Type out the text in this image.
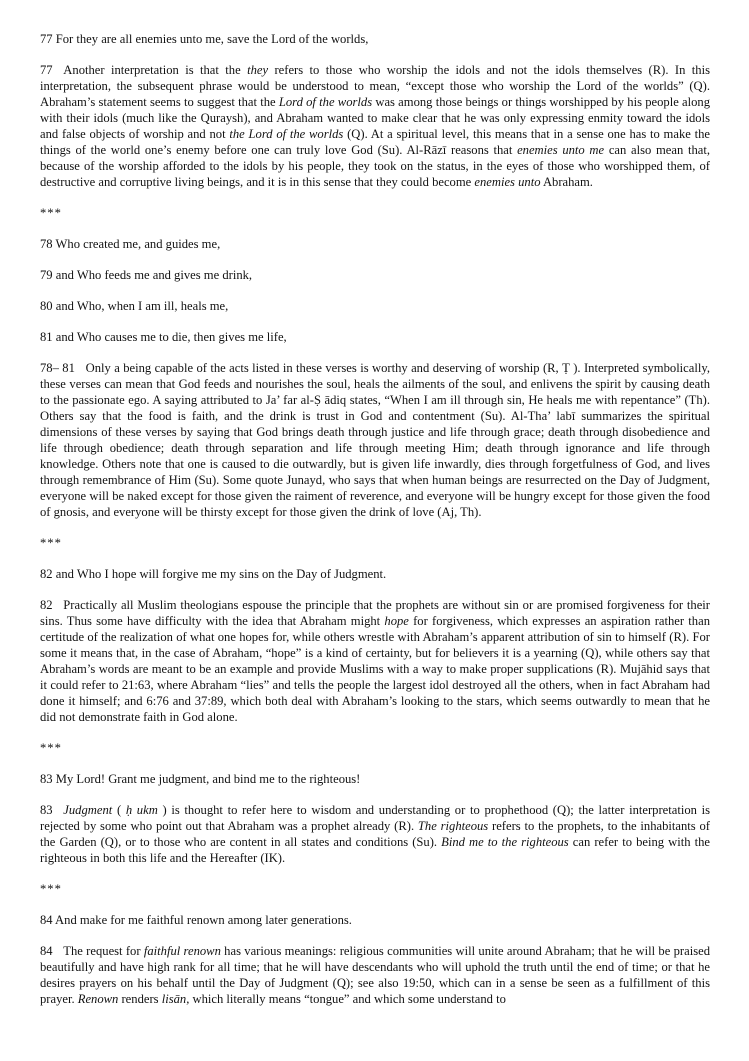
77 For they are all enemies unto me, save the Lord of the worlds,

77 Another interpretation is that the they refers to those who worship the idols and not the idols themselves (R). In this interpretation, the subsequent phrase would be understood to mean, “except those who worship the Lord of the worlds” (Q). Abraham’s statement seems to suggest that the Lord of the worlds was among those beings or things worshipped by his people along with their idols (much like the Quraysh), and Abraham wanted to make clear that he was only expressing enmity toward the idols and false objects of worship and not the Lord of the worlds (Q). At a spiritual level, this means that in a sense one has to make the things of the world one’s enemy before one can truly love God (Su). Al-Rāzī reasons that enemies unto me can also mean that, because of the worship afforded to the idols by his people, they took on the status, in the eyes of those who worshipped them, of destructive and corruptive living beings, and it is in this sense that they could become enemies unto Abraham.

***

78 Who created me, and guides me,

79 and Who feeds me and gives me drink,

80 and Who, when I am ill, heals me,

81 and Who causes me to die, then gives me life,

78– 81 Only a being capable of the acts listed in these verses is worthy and deserving of worship (R, Ṭ ). Interpreted symbolically, these verses can mean that God feeds and nourishes the soul, heals the ailments of the soul, and enlivens the spirit by causing death to the passionate ego. A saying attributed to Ja’ far al-Ṣ ādiq states, “When I am ill through sin, He heals me with repentance” (Th). Others say that the food is faith, and the drink is trust in God and contentment (Su). Al-Tha’ labī summarizes the spiritual dimensions of these verses by saying that God brings death through justice and life through grace; death through disobedience and life through obedience; death through separation and life through meeting Him; death through ignorance and life through knowledge. Others note that one is caused to die outwardly, but is given life inwardly, dies through forgetfulness of God, and lives through remembrance of Him (Su). Some quote Junayd, who says that when human beings are resurrected on the Day of Judgment, everyone will be naked except for those given the raiment of reverence, and everyone will be hungry except for those given the food of gnosis, and everyone will be thirsty except for those given the drink of love (Aj, Th).

***

82 and Who I hope will forgive me my sins on the Day of Judgment.

82 Practically all Muslim theologians espouse the principle that the prophets are without sin or are promised forgiveness for their sins. Thus some have difficulty with the idea that Abraham might hope for forgiveness, which expresses an aspiration rather than certitude of the realization of what one hopes for, while others wrestle with Abraham’s apparent attribution of sin to himself (R). For some it means that, in the case of Abraham, “hope” is a kind of certainty, but for believers it is a yearning (Q), while others say that Abraham’s words are meant to be an example and provide Muslims with a way to make proper supplications (R). Mujāhid says that it could refer to 21:63, where Abraham “lies” and tells the people the largest idol destroyed all the others, when in fact Abraham had done it himself; and 6:76 and 37:89, which both deal with Abraham’s looking to the stars, which seems outwardly to mean that he did not demonstrate faith in God alone.

***

83 My Lord! Grant me judgment, and bind me to the righteous!

83 Judgment ( ḥ ukm ) is thought to refer here to wisdom and understanding or to prophethood (Q); the latter interpretation is rejected by some who point out that Abraham was a prophet already (R). The righteous refers to the prophets, to the inhabitants of the Garden (Q), or to those who are content in all states and conditions (Su). Bind me to the righteous can refer to being with the righteous in both this life and the Hereafter (IK).

***

84 And make for me faithful renown among later generations.

84 The request for faithful renown has various meanings: religious communities will unite around Abraham; that he will be praised beautifully and have high rank for all time; that he will have descendants who will uphold the truth until the end of time; or that he desires prayers on his behalf until the Day of Judgment (Q); see also 19:50, which can in a sense be seen as a fulfillment of this prayer. Renown renders lisān, which literally means “tongue” and which some understand to
